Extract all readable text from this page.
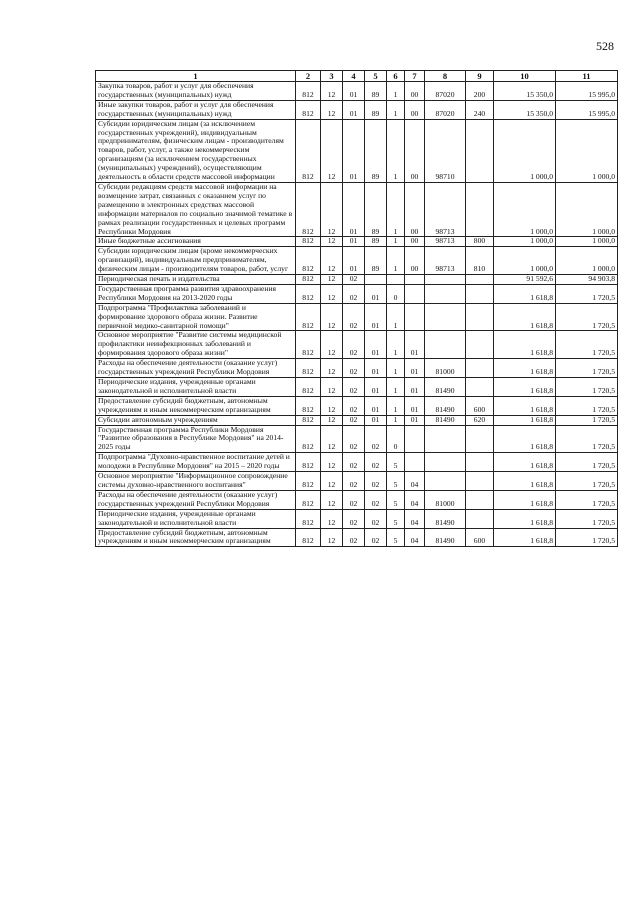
528
1	2	3	4	5	6	7	8	9	10	11
Закупка товаров, работ и услуг для обеспечения государственных (муниципальных) нужд	812	12	01	89	1	00	87020	200	15 350,0	15 995,0
Иные закупки товаров, работ и услуг для обеспечения государственных (муниципальных) нужд	812	12	01	89	1	00	87020	240	15 350,0	15 995,0
Субсидии юридическим лицам (за исключением государственных учреждений), индивидуальным предпринимателям, физическим лицам - производителям товаров, работ, услуг, а также некоммерческим организациям (за исключением государственных (муниципальных) учреждений), осуществляющим деятельность в области средств массовой информации	812	12	01	89	1	00	98710		1 000,0	1 000,0
Субсидии редакциям средств массовой информации на возмещение затрат, связанных с оказанием услуг по размещению в электронных средствах массовой информации материалов по социально значимой тематике в рамках реализации государственных и целевых программ Республики Мордовия	812	12	01	89	1	00	98713		1 000,0	1 000,0
Иные бюджетные ассигнования	812	12	01	89	1	00	98713	800	1 000,0	1 000,0
Субсидии юридическим лицам (кроме некоммерческих организаций), индивидуальным предпринимателям, физическим лицам - производителям товаров, работ, услуг	812	12	01	89	1	00	98713	810	1 000,0	1 000,0
Периодическая печать и издательства	812	12	02						91 592,6	94 903,8
Государственная программа развития здравоохранения Республики Мордовия на 2013-2020 годы	812	12	02	01	0				1 618,8	1 720,5
Подпрограмма "Профилактика заболеваний и формирование здорового образа жизни. Развитие первичной медико-санитарной помощи"	812	12	02	01	1				1 618,8	1 720,5
Основное мероприятие "Развитие системы медицинской профилактики неинфекционных заболеваний и формирования здорового образа жизни"	812	12	02	01	1	01			1 618,8	1 720,5
Расходы на обеспечение деятельности (оказание услуг) государственных учреждений Республики Мордовия	812	12	02	01	1	01	81000		1 618,8	1 720,5
Периодические издания, учрежденные органами законодательной и исполнительной власти	812	12	02	01	1	01	81490		1 618,8	1 720,5
Предоставление субсидий бюджетным, автономным учреждениям и иным некоммерческим организациям	812	12	02	01	1	01	81490	600	1 618,8	1 720,5
Субсидии автономным учреждениям	812	12	02	01	1	01	81490	620	1 618,8	1 720,5
Государственная программа Республики Мордовия "Развитие образования в Республике Мордовия" на 2014-2025 годы	812	12	02	02	0				1 618,8	1 720,5
Подпрограмма "Духовно-нравственное воспитание детей и молодежи в Республике Мордовия" на 2015 – 2020 годы	812	12	02	02	5				1 618,8	1 720,5
Основное мероприятие "Информационное сопровождение системы духовно-нравственного воспитания"	812	12	02	02	5	04			1 618,8	1 720,5
Расходы на обеспечение деятельности (оказание услуг) государственных учреждений Республики Мордовия	812	12	02	02	5	04	81000		1 618,8	1 720,5
Периодические издания, учрежденные органами законодательной и исполнительной власти	812	12	02	02	5	04	81490		1 618,8	1 720,5
Предоставление субсидий бюджетным, автономным учреждениям и иным некоммерческим организациям	812	12	02	02	5	04	81490	600	1 618,8	1 720,5
